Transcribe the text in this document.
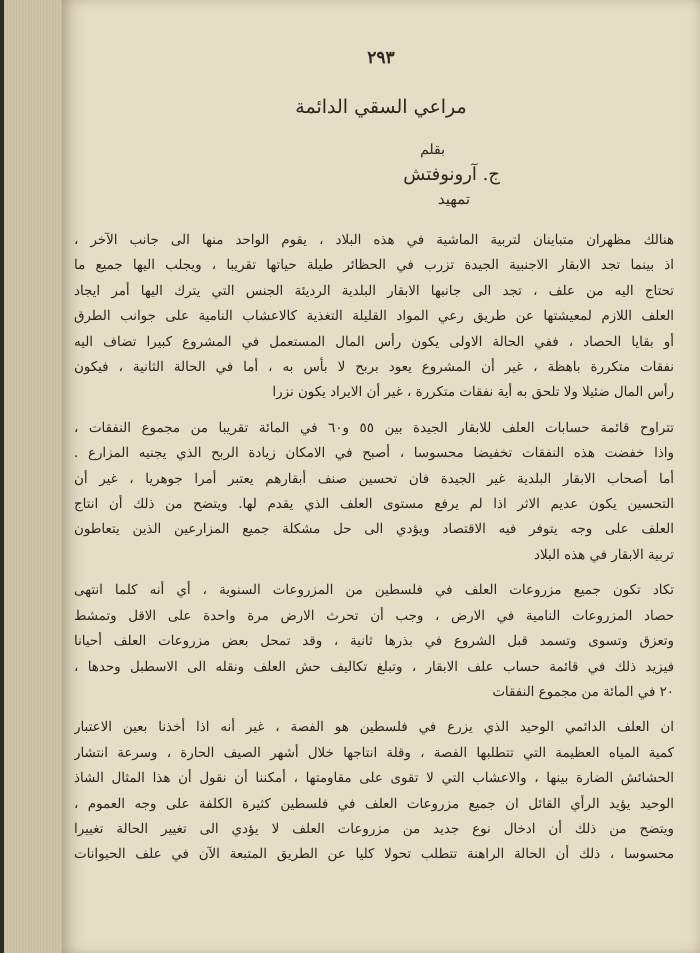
٢٩٣
مراعي السقي الدائمة
بقلم
ج. آرونوفتش
تمهيد

هنالك مظهران متباينان لتربية الماشية في هذه البلاد ، يقوم الواحد منها الى جانب الآخر ،
اذ بينما تجد الابقار الاجنبية الجيدة تزرب في الحظائر طيلة حياتها تقريبا ، ويجلب اليها جميع ما
تحتاج اليه من علف ، تجد الى جانبها الابقار البلدية الرديئة الجنس التي يترك اليها أمر ايجاد
العلف اللازم لمعيشتها عن طريق رعي المواد القليلة التغذية كالاعشاب النامية على جوانب الطرق
أو بقايا الحصاد ، ففي الحالة الاولى يكون رأس المال المستعمل في المشروع كبيرا تضاف اليه
نفقات متكررة باهظة ، غير أن المشروع يعود بربح لا بأس به ، أما في الحالة الثانية ، فيكون
رأس المال ضئيلا ولا تلحق به أية نفقات متكررة ، غير أن الايراد يكون نزرا

تتراوح قائمة حسابات العلف للابقار الجيدة بين ٥٥ و٦٠ في المائة تقريبا من مجموع النفقات ،
واذا خفضت هذه النفقات تخفيضا محسوسا ، أصبح في الامكان زيادة الربح الذي يجنيه المزارع .
أما أصحاب الابقار البلدية غير الجيدة فان تحسين صنف أبقارهم يعتبر أمرا جوهريا ، غير أن
التحسين يكون عديم الاثر اذا لم يرفع مستوى العلف الذي يقدم لها. ويتضح من ذلك أن انتاج
العلف على وجه يتوفر فيه الاقتصاد ويؤدي الى حل مشكلة جميع المزارعين الذين يتعاطون
تربية الابقار في هذه البلاد

تكاد تكون جميع مزروعات العلف في فلسطين من المزروعات السنوية ، أي أنه كلما انتهى
حصاد المزروعات النامية في الارض ، وجب أن تحرث الارض مرة واحدة على الاقل وتمشط
وتعزق وتسوى وتسمد قبل الشروع في بذرها ثانية ، وقد تمحل بعض مزروعات العلف أحيانا
فيزيد ذلك في قائمة حساب علف الابقار ، وتبلغ تكاليف حش العلف ونقله الى الاسطبل وحدها ،
٢٠ في المائة من مجموع النفقات

ان العلف الدائمي الوحيد الذي يزرع في فلسطين هو الفصة ، غير أنه اذا أخذنا بعين الاعتبار
كمية المياه العظيمة التي تتطلبها الفصة ، وقلة انتاجها خلال أشهر الصيف الحارة ، وسرعة انتشار
الحشائش الضارة بينها ، والاعشاب التي لا تقوى على مقاومتها ، أمكننا أن نقول أن هذا المثال الشاذ
الوحيد يؤيد الرأي القائل ان جميع مزروعات العلف في فلسطين كثيرة الكلفة على وجه العموم ،
ويتضح من ذلك أن ادخال نوع جديد من مزروعات العلف لا يؤدي الى تغيير الحالة تغييرا
محسوسا ، ذلك أن الحالة الراهنة تتطلب تحولا كليا عن الطريق المتبعة الآن في علف الحيوانات
